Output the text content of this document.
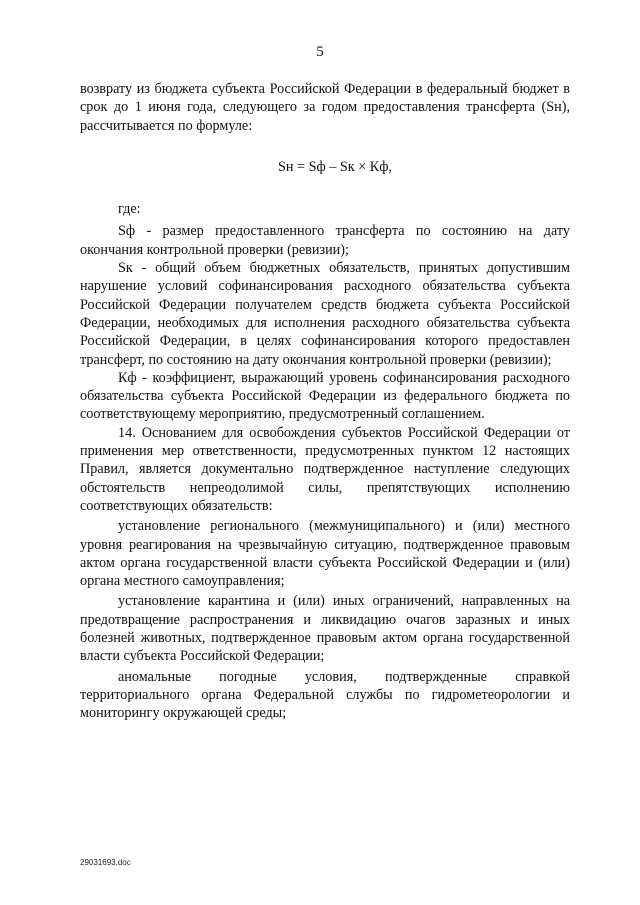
5

возврату из бюджета субъекта Российской Федерации в федеральный бюджет в срок до 1 июня года, следующего за годом предоставления трансферта (Sн), рассчитывается по формуле:

Sн = Sф – Sк × Кф,

где:

Sф - размер предоставленного трансферта по состоянию на дату окончания контрольной проверки (ревизии);

Sк - общий объем бюджетных обязательств, принятых допустившим нарушение условий софинансирования расходного обязательства субъекта Российской Федерации получателем средств бюджета субъекта Российской Федерации, необходимых для исполнения расходного обязательства субъекта Российской Федерации, в целях софинансирования которого предоставлен трансферт, по состоянию на дату окончания контрольной проверки (ревизии);

Кф - коэффициент, выражающий уровень софинансирования расходного обязательства субъекта Российской Федерации из федерального бюджета по соответствующему мероприятию, предусмотренный соглашением.

14. Основанием для освобождения субъектов Российской Федерации от применения мер ответственности, предусмотренных пунктом 12 настоящих Правил, является документально подтвержденное наступление следующих обстоятельств непреодолимой силы, препятствующих исполнению соответствующих обязательств:

установление регионального (межмуниципального) и (или) местного уровня реагирования на чрезвычайную ситуацию, подтвержденное правовым актом органа государственной власти субъекта Российской Федерации и (или) органа местного самоуправления;

установление карантина и (или) иных ограничений, направленных на предотвращение распространения и ликвидацию очагов заразных и иных болезней животных, подтвержденное правовым актом органа государственной власти субъекта Российской Федерации;

аномальные погодные условия, подтвержденные справкой территориального органа Федеральной службы по гидрометеорологии и мониторингу окружающей среды;

29031693.doc
